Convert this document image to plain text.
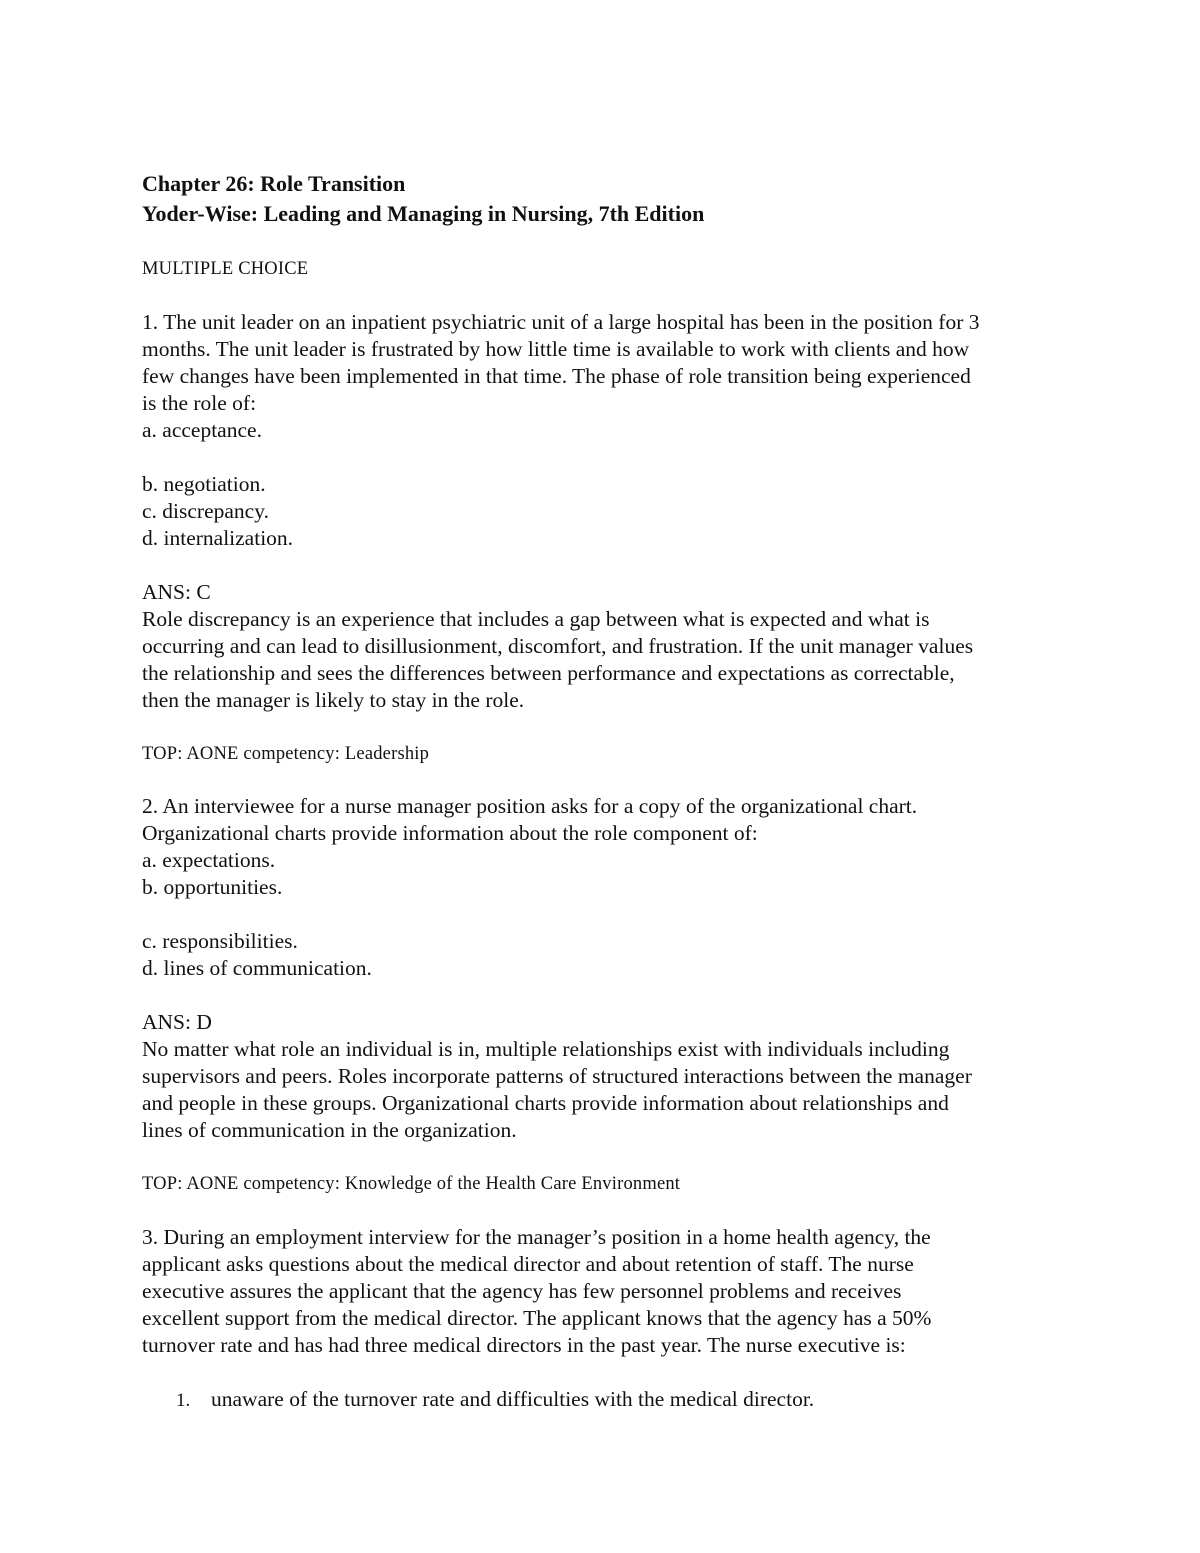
Chapter 26: Role Transition
Yoder-Wise: Leading and Managing in Nursing, 7th Edition
MULTIPLE CHOICE
1. The unit leader on an inpatient psychiatric unit of a large hospital has been in the position for 3
months. The unit leader is frustrated by how little time is available to work with clients and how
few changes have been implemented in that time. The phase of role transition being experienced
is the role of:
a. acceptance.
b. negotiation.
c. discrepancy.
d. internalization.
ANS: C
Role discrepancy is an experience that includes a gap between what is expected and what is
occurring and can lead to disillusionment, discomfort, and frustration. If the unit manager values
the relationship and sees the differences between performance and expectations as correctable,
then the manager is likely to stay in the role.
TOP: AONE competency: Leadership
2. An interviewee for a nurse manager position asks for a copy of the organizational chart.
Organizational charts provide information about the role component of:
a. expectations.
b. opportunities.
c. responsibilities.
d. lines of communication.
ANS: D
No matter what role an individual is in, multiple relationships exist with individuals including
supervisors and peers. Roles incorporate patterns of structured interactions between the manager
and people in these groups. Organizational charts provide information about relationships and
lines of communication in the organization.
TOP: AONE competency: Knowledge of the Health Care Environment
3. During an employment interview for the manager’s position in a home health agency, the
applicant asks questions about the medical director and about retention of staff. The nurse
executive assures the applicant that the agency has few personnel problems and receives
excellent support from the medical director. The applicant knows that the agency has a 50%
turnover rate and has had three medical directors in the past year. The nurse executive is:
1. unaware of the turnover rate and difficulties with the medical director.
